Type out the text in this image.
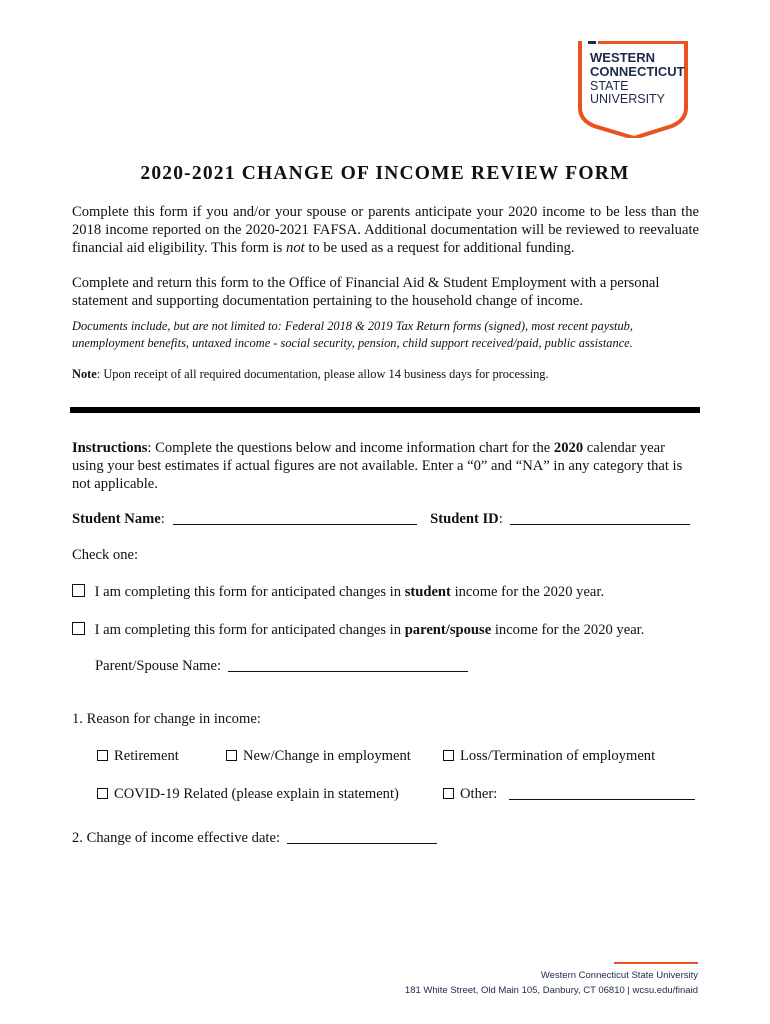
WESTERN
CONNECTICUT
STATE
UNIVERSITY
2020-2021 CHANGE OF INCOME REVIEW FORM
Complete this form if you and/or your spouse or parents anticipate your 2020 income to be less than the 2018 income reported on the 2020-2021 FAFSA. Additional documentation will be reviewed to reevaluate financial aid eligibility. This form is not to be used as a request for additional funding.
Complete and return this form to the Office of Financial Aid & Student Employment with a personal statement and supporting documentation pertaining to the household change of income.
Documents include, but are not limited to: Federal 2018 & 2019 Tax Return forms (signed), most recent paystub, unemployment benefits, untaxed income - social security, pension, child support received/paid, public assistance.
Note: Upon receipt of all required documentation, please allow 14 business days for processing.
Instructions: Complete the questions below and income information chart for the 2020 calendar year using your best estimates if actual figures are not available. Enter a “0” and “NA” in any category that is not applicable.
Student Name:	Student ID:
Check one:
I am completing this form for anticipated changes in student income for the 2020 year.
I am completing this form for anticipated changes in parent/spouse income for the 2020 year.
Parent/Spouse Name:
1. Reason for change in income:
Retirement	New/Change in employment	Loss/Termination of employment
COVID-19 Related (please explain in statement)	Other:
2. Change of income effective date:
Western Connecticut State University
181 White Street, Old Main 105, Danbury, CT 06810 | wcsu.edu/finaid
